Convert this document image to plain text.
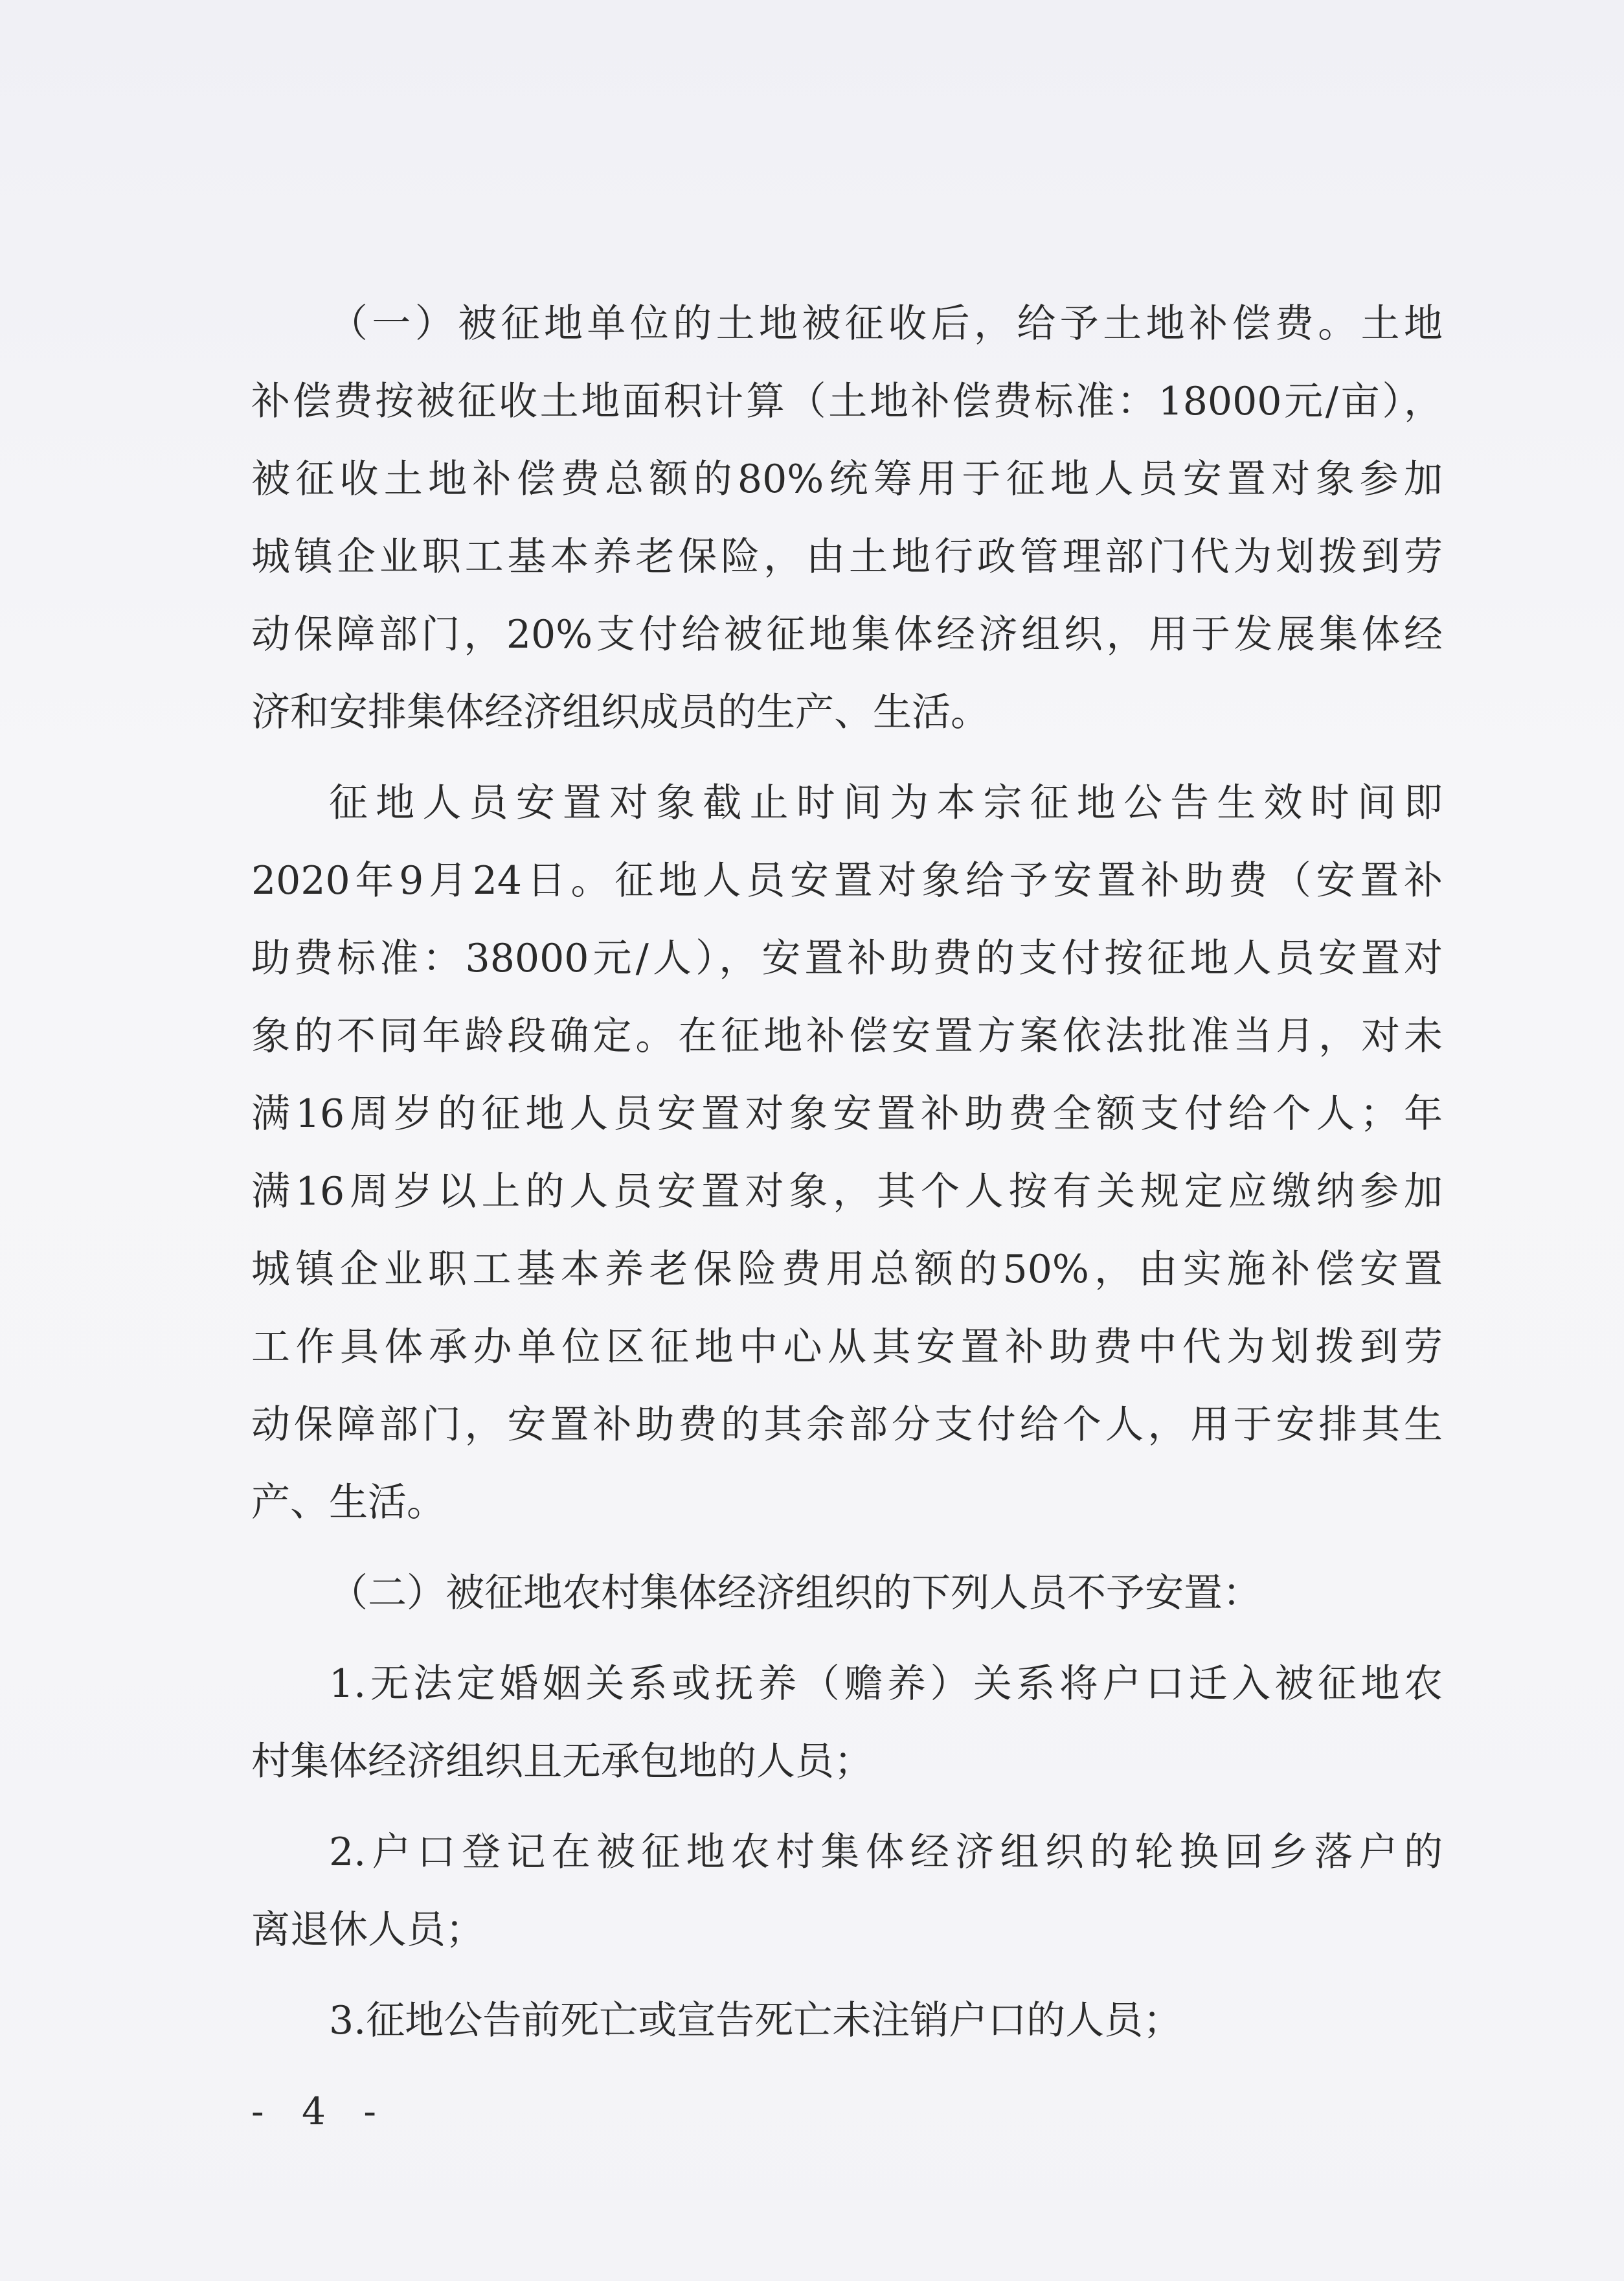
（一）被征地单位的土地被征收后，给予土地补偿费。土地
补偿费按被征收土地面积计算（土地补偿费标准：18000元/亩），
被征收土地补偿费总额的80%统筹用于征地人员安置对象参加
城镇企业职工基本养老保险，由土地行政管理部门代为划拨到劳
动保障部门，20%支付给被征地集体经济组织，用于发展集体经
济和安排集体经济组织成员的生产、生活。
征地人员安置对象截止时间为本宗征地公告生效时间即
2020年9月24日。征地人员安置对象给予安置补助费（安置补
助费标准：38000元/人），安置补助费的支付按征地人员安置对
象的不同年龄段确定。在征地补偿安置方案依法批准当月，对未
满16周岁的征地人员安置对象安置补助费全额支付给个人；年
满16周岁以上的人员安置对象，其个人按有关规定应缴纳参加
城镇企业职工基本养老保险费用总额的50%，由实施补偿安置
工作具体承办单位区征地中心从其安置补助费中代为划拨到劳
动保障部门，安置补助费的其余部分支付给个人，用于安排其生
产、生活。
（二）被征地农村集体经济组织的下列人员不予安置：
1.无法定婚姻关系或抚养（赡养）关系将户口迁入被征地农
村集体经济组织且无承包地的人员；
2.户口登记在被征地农村集体经济组织的轮换回乡落户的
离退休人员；
3.征地公告前死亡或宣告死亡未注销户口的人员；
- 4 -
